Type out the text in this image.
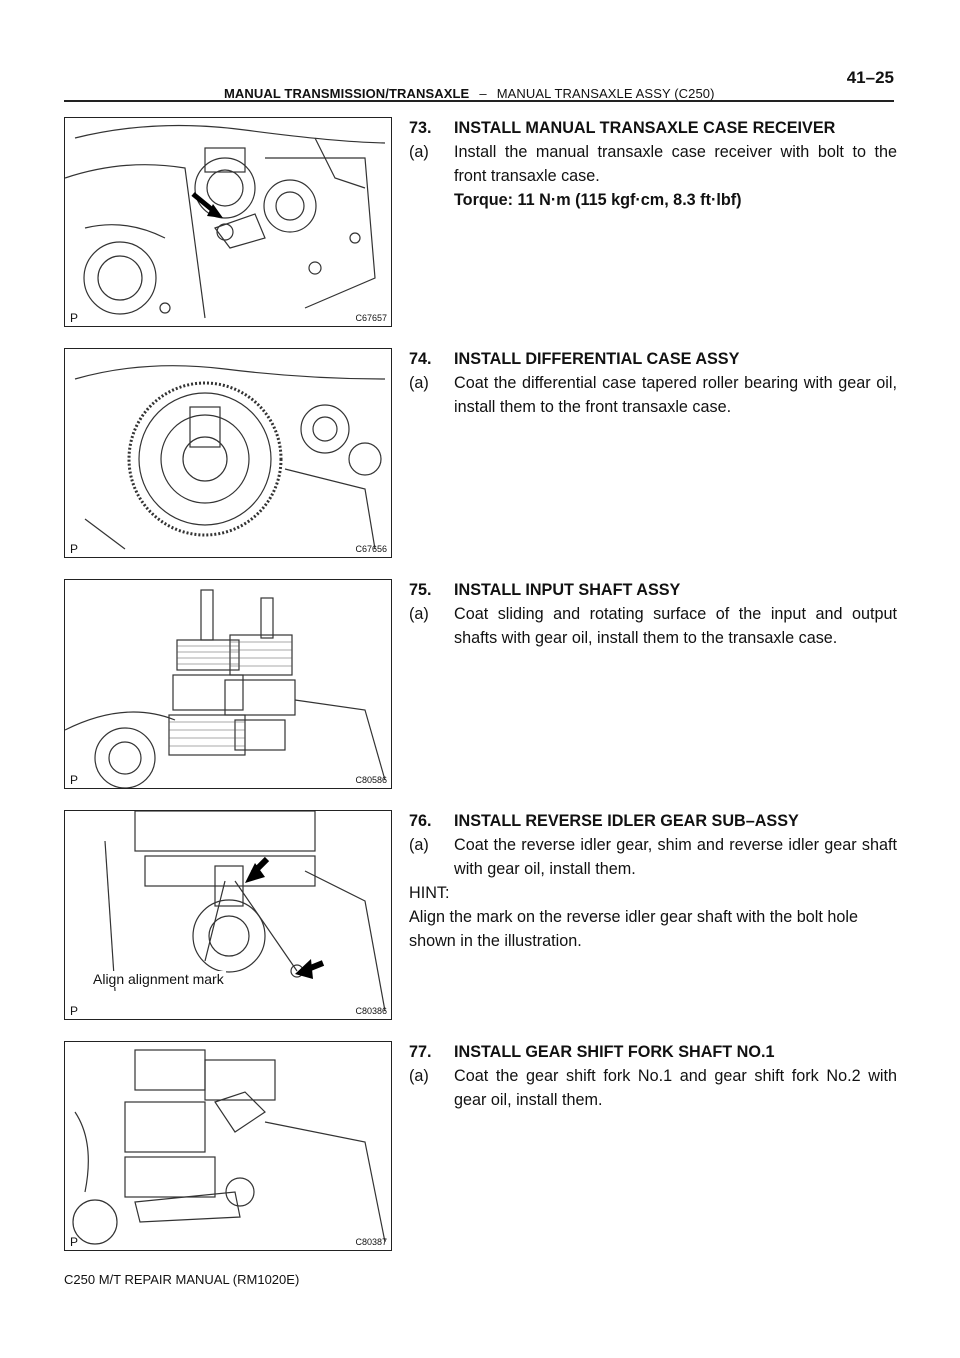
MANUAL TRANSMISSION/TRANSAXLE – MANUAL TRANSAXLE ASSY (C250)
41–25
P	C67657
P	C67656
P	C80586
Align alignment mark
P	C80386
P	C80387
73.	INSTALL MANUAL TRANSAXLE CASE RECEIVER
(a)	Install the manual transaxle case receiver with bolt to the front transaxle case.
Torque: 11 N·m (115 kgf·cm, 8.3 ft·lbf)
74.	INSTALL DIFFERENTIAL CASE ASSY
(a)	Coat the differential case tapered roller bearing with gear oil, install them to the front transaxle case.
75.	INSTALL INPUT SHAFT ASSY
(a)	Coat sliding and rotating surface of the input and output shafts with gear oil, install them to the transaxle case.
76.	INSTALL REVERSE IDLER GEAR SUB–ASSY
(a)	Coat the reverse idler gear, shim and reverse idler gear shaft with gear oil, install them.
HINT:
Align the mark on the reverse idler gear shaft with the bolt hole shown in the illustration.
77.	INSTALL GEAR SHIFT FORK SHAFT NO.1
(a)	Coat the gear shift fork No.1 and gear shift fork No.2 with gear oil, install them.
C250 M/T REPAIR MANUAL (RM1020E)
